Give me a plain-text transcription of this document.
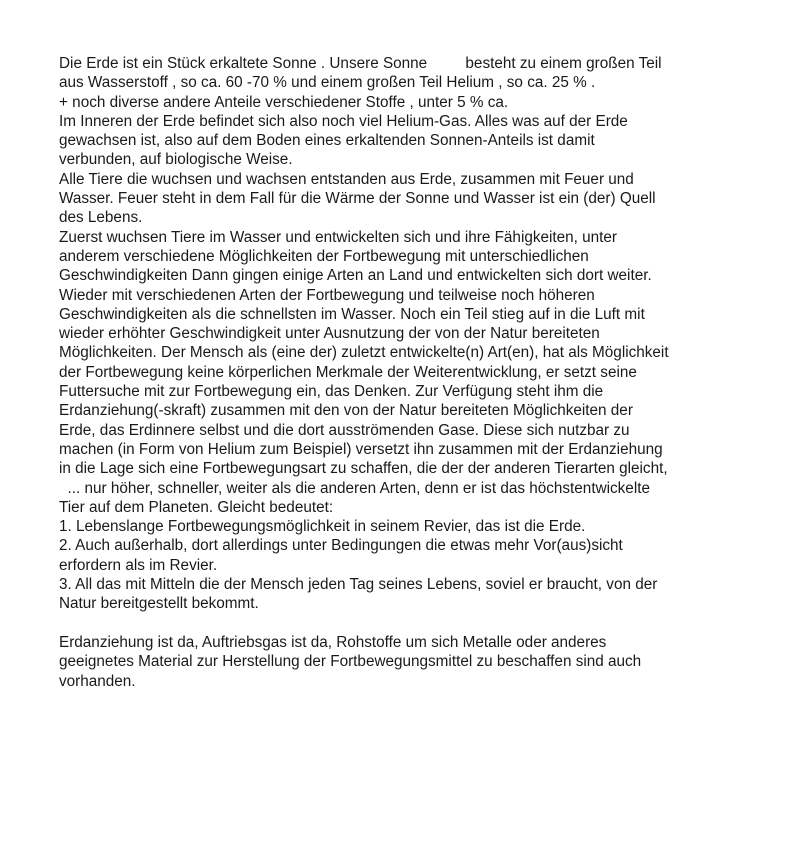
Die Erde ist ein Stück erkaltete Sonne . Unsere Sonne         besteht zu einem großen Teil
aus Wasserstoff , so ca. 60 -70 % und einem großen Teil Helium , so ca. 25 % .
+ noch diverse andere Anteile verschiedener Stoffe , unter 5 % ca.
Im Inneren der Erde befindet sich also noch viel Helium-Gas. Alles was auf der Erde
gewachsen ist, also auf dem Boden eines erkaltenden Sonnen-Anteils ist damit
verbunden, auf biologische Weise.
Alle Tiere die wuchsen und wachsen entstanden aus Erde, zusammen mit Feuer und
Wasser. Feuer steht in dem Fall für die Wärme der Sonne und Wasser ist ein (der) Quell
des Lebens.
Zuerst wuchsen Tiere im Wasser und entwickelten sich und ihre Fähigkeiten, unter
anderem verschiedene Möglichkeiten der Fortbewegung mit unterschiedlichen
Geschwindigkeiten Dann gingen einige Arten an Land und entwickelten sich dort weiter.
Wieder mit verschiedenen Arten der Fortbewegung und teilweise noch höheren
Geschwindigkeiten als die schnellsten im Wasser. Noch ein Teil stieg auf in die Luft mit
wieder erhöhter Geschwindigkeit unter Ausnutzung der von der Natur bereiteten
Möglichkeiten. Der Mensch als (eine der) zuletzt entwickelte(n) Art(en), hat als Möglichkeit
der Fortbewegung keine körperlichen Merkmale der Weiterentwicklung, er setzt seine
Futtersuche mit zur Fortbewegung ein, das Denken. Zur Verfügung steht ihm die
Erdanziehung(-skraft) zusammen mit den von der Natur bereiteten Möglichkeiten der
Erde, das Erdinnere selbst und die dort ausströmenden Gase. Diese sich nutzbar zu
machen (in Form von Helium zum Beispiel) versetzt ihn zusammen mit der Erdanziehung
in die Lage sich eine Fortbewegungsart zu schaffen, die der der anderen Tierarten gleicht,
... nur höher, schneller, weiter als die anderen Arten, denn er ist das höchstentwickelte
Tier auf dem Planeten. Gleicht bedeutet:
1. Lebenslange Fortbewegungsmöglichkeit in seinem Revier, das ist die Erde.
2. Auch außerhalb, dort allerdings unter Bedingungen die etwas mehr Vor(aus)sicht
erfordern als im Revier.
3. All das mit Mitteln die der Mensch jeden Tag seines Lebens, soviel er braucht, von der
Natur bereitgestellt bekommt.
Erdanziehung ist da, Auftriebsgas ist da, Rohstoffe um sich Metalle oder anderes
geeignetes Material zur Herstellung der Fortbewegungsmittel zu beschaffen sind auch
vorhanden.
